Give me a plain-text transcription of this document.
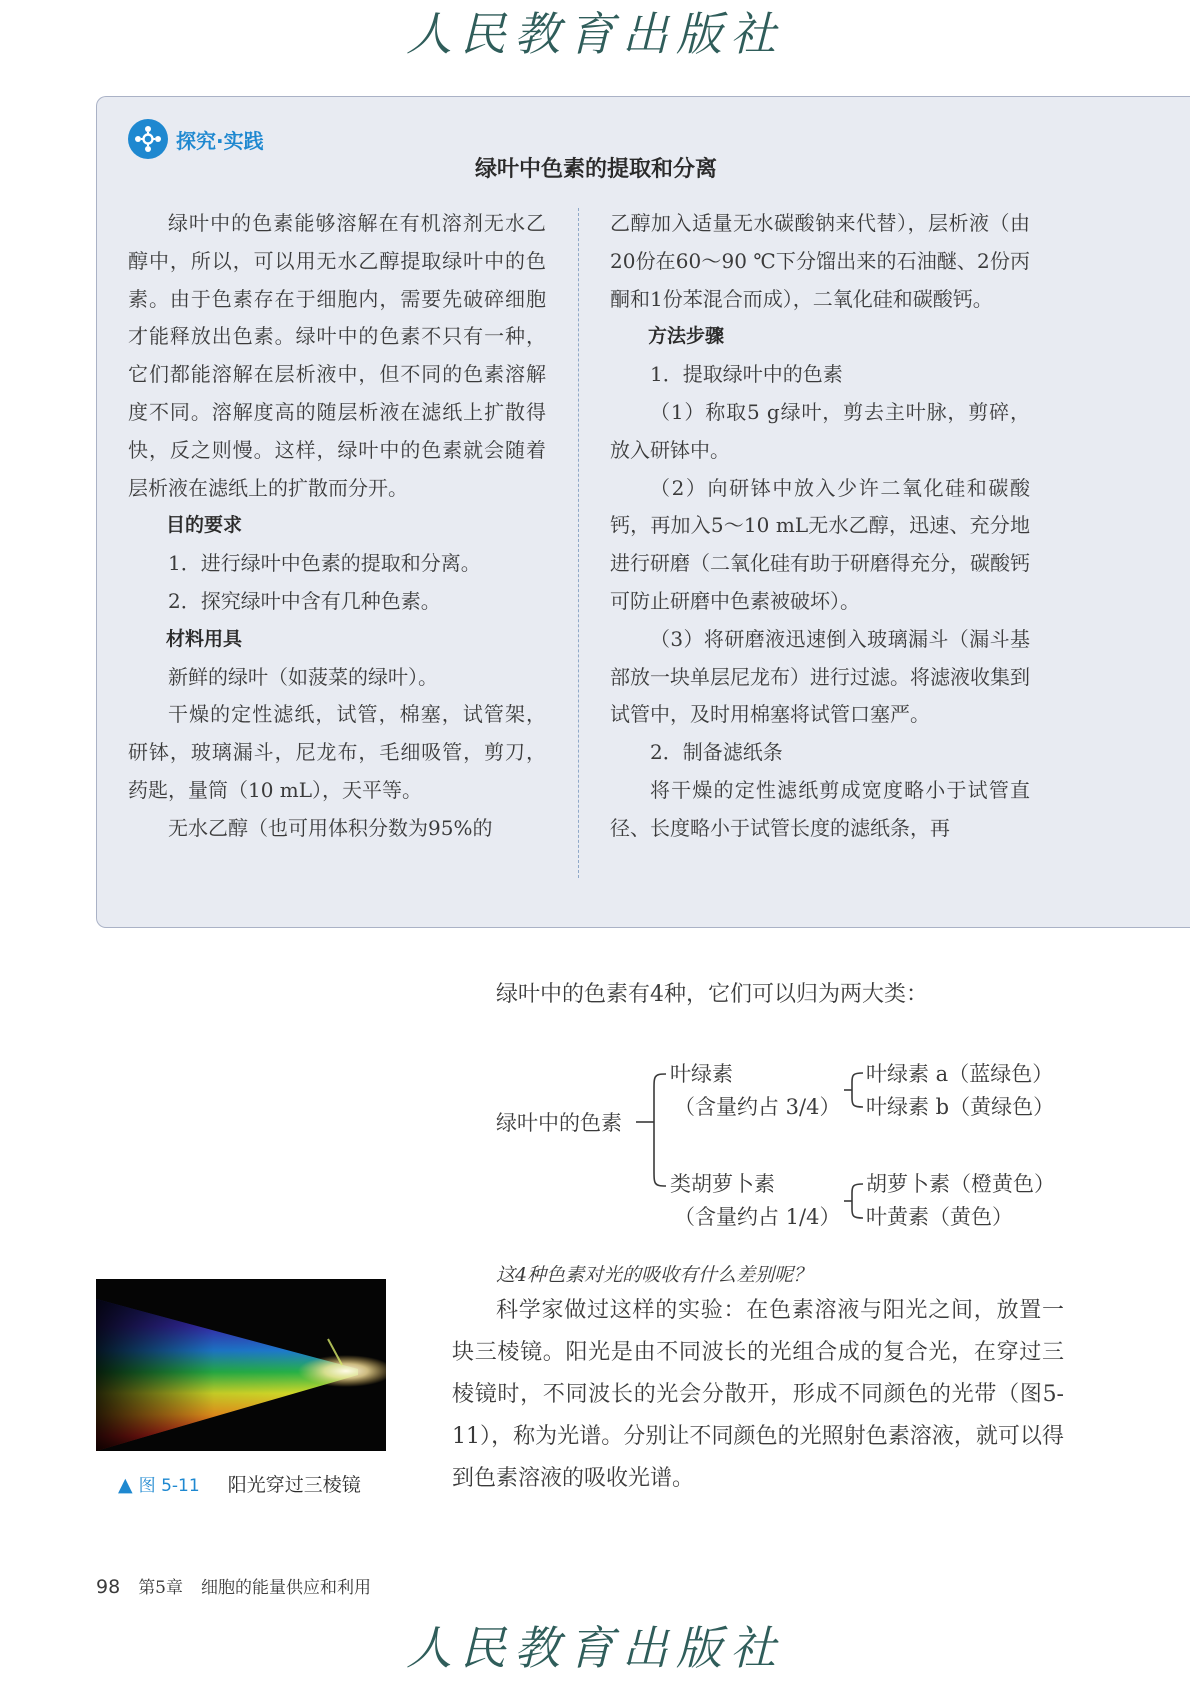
人民教育出版社
探究·实践
绿叶中色素的提取和分离

绿叶中的色素能够溶解在有机溶剂无水乙醇中，所以，可以用无水乙醇提取绿叶中的色素。由于色素存在于细胞内，需要先破碎细胞才能释放出色素。绿叶中的色素不只有一种，它们都能溶解在层析液中，但不同的色素溶解度不同。溶解度高的随层析液在滤纸上扩散得快，反之则慢。这样，绿叶中的色素就会随着层析液在滤纸上的扩散而分开。

目的要求

1．进行绿叶中色素的提取和分离。

2．探究绿叶中含有几种色素。

材料用具

新鲜的绿叶（如菠菜的绿叶）。

干燥的定性滤纸，试管，棉塞，试管架，研钵，玻璃漏斗，尼龙布，毛细吸管，剪刀，药匙，量筒（10 mL），天平等。

无水乙醇（也可用体积分数为95%的

乙醇加入适量无水碳酸钠来代替），层析液（由20份在60～90 ℃下分馏出来的石油醚、2份丙酮和1份苯混合而成），二氧化硅和碳酸钙。

方法步骤

1．提取绿叶中的色素

（1）称取5 g绿叶，剪去主叶脉，剪碎，放入研钵中。

（2）向研钵中放入少许二氧化硅和碳酸钙，再加入5～10 mL无水乙醇，迅速、充分地进行研磨（二氧化硅有助于研磨得充分，碳酸钙可防止研磨中色素被破坏）。

（3）将研磨液迅速倒入玻璃漏斗（漏斗基部放一块单层尼龙布）进行过滤。将滤液收集到试管中，及时用棉塞将试管口塞严。

2．制备滤纸条

将干燥的定性滤纸剪成宽度略小于试管直径、长度略小于试管长度的滤纸条，再

绿叶中的色素有4种，它们可以归为两大类：
绿叶中的色素
叶绿素
（含量约占 3/4）
叶绿素 a（蓝绿色）
叶绿素 b（黄绿色）
类胡萝卜素
（含量约占 1/4）
胡萝卜素（橙黄色）
叶黄素（黄色）
这4种色素对光的吸收有什么差别呢？

科学家做过这样的实验：在色素溶液与阳光之间，放置一块三棱镜。阳光是由不同波长的光组合成的复合光，在穿过三棱镜时，不同波长的光会分散开，形成不同颜色的光带（图5-11），称为光谱。分别让不同颜色的光照射色素溶液，就可以得到色素溶液的吸收光谱。

▲ 图 5-11 阳光穿过三棱镜
98 第5章 细胞的能量供应和利用
人民教育出版社
